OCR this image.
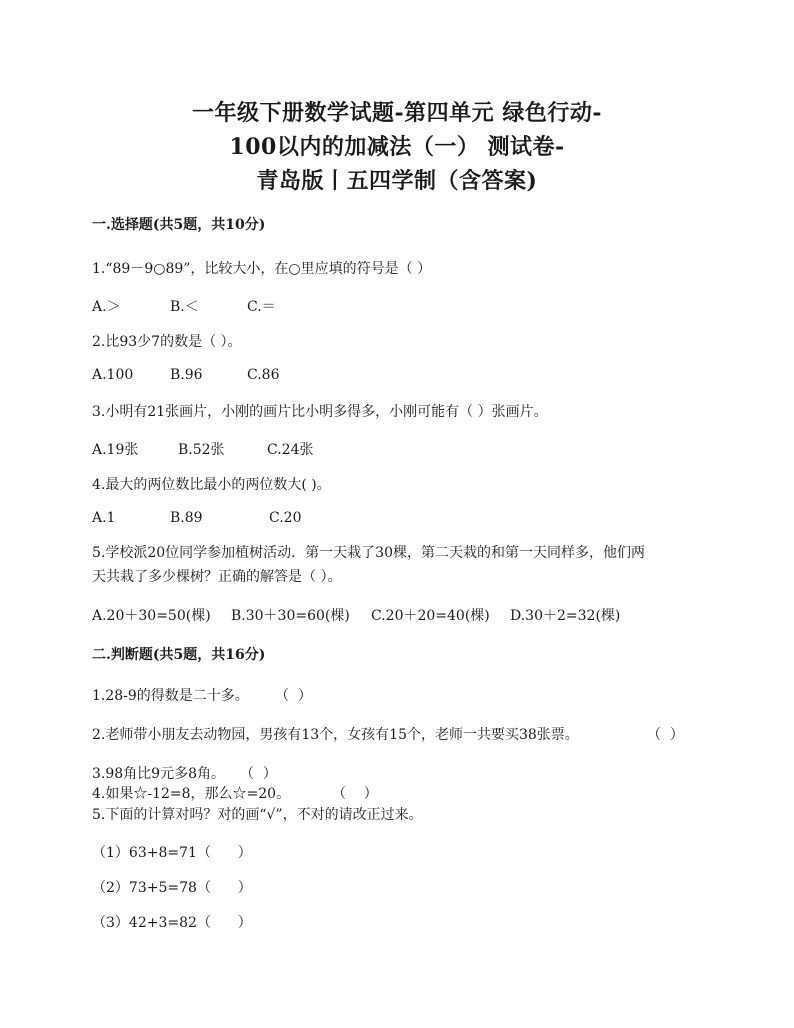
一年级下册数学试题-第四单元 绿色行动-
100以内的加减法（一） 测试卷-
青岛版丨五四学制（含答案)
一.选择题(共5题，共10分)
1.“89－9○89”，比较大小，在○里应填的符号是（ ）
A.＞	B.＜	C.＝
2.比93少7的数是（ ）。
A.100	B.96	C.86
3.小明有21张画片，小刚的画片比小明多得多，小刚可能有（ ）张画片。
A.19张	B.52张	C.24张
4.最大的两位数比最小的两位数大( )。
A.1	B.89	C.20
5.学校派20位同学参加植树活动．第一天栽了30棵，第二天栽的和第一天同样多，他们两
天共栽了多少棵树？正确的解答是（ ）。
A.20＋30=50(棵) B.30＋30=60(棵) C.20＋20=40(棵) D.30＋2=32(棵)
二.判断题(共5题，共16分)
1.28-9的得数是二十多。 （  ）
2.老师带小朋友去动物园，男孩有13个，女孩有15个，老师一共要买38张票。	（  ）
3.98角比9元多8角。 （  ）
4.如果☆-12=8，那么☆=20。	（    ）
5.下面的计算对吗？对的画“√”，不对的请改正过来。
（1）63+8=71 （      ）
（2）73+5=78 （      ）
（3）42+3=82 （      ）
